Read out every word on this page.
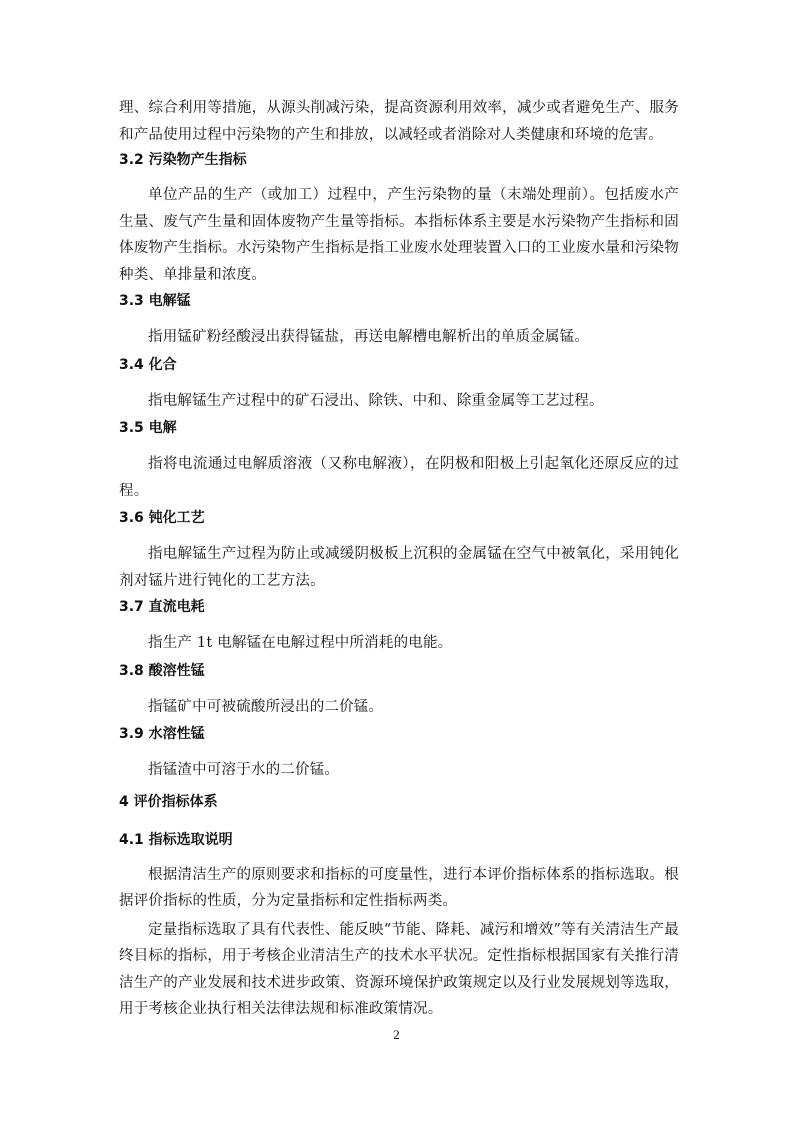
理、综合利用等措施，从源头削减污染，提高资源利用效率，减少或者避免生产、服务和产品使用过程中污染物的产生和排放，以减轻或者消除对人类健康和环境的危害。

3.2 污染物产生指标

单位产品的生产（或加工）过程中，产生污染物的量（末端处理前）。包括废水产生量、废气产生量和固体废物产生量等指标。本指标体系主要是水污染物产生指标和固体废物产生指标。水污染物产生指标是指工业废水处理装置入口的工业废水量和污染物种类、单排量和浓度。

3.3 电解锰

指用锰矿粉经酸浸出获得锰盐，再送电解槽电解析出的单质金属锰。

3.4 化合

指电解锰生产过程中的矿石浸出、除铁、中和、除重金属等工艺过程。

3.5 电解

指将电流通过电解质溶液（又称电解液），在阴极和阳极上引起氧化还原反应的过程。

3.6 钝化工艺

指电解锰生产过程为防止或减缓阴极板上沉积的金属锰在空气中被氧化，采用钝化剂对锰片进行钝化的工艺方法。

3.7 直流电耗

指生产 1t 电解锰在电解过程中所消耗的电能。

3.8 酸溶性锰

指锰矿中可被硫酸所浸出的二价锰。

3.9 水溶性锰

指锰渣中可溶于水的二价锰。

4 评价指标体系

4.1 指标选取说明

根据清洁生产的原则要求和指标的可度量性，进行本评价指标体系的指标选取。根据评价指标的性质，分为定量指标和定性指标两类。

定量指标选取了具有代表性、能反映“节能、降耗、减污和增效”等有关清洁生产最终目标的指标，用于考核企业清洁生产的技术水平状况。定性指标根据国家有关推行清洁生产的产业发展和技术进步政策、资源环境保护政策规定以及行业发展规划等选取，用于考核企业执行相关法律法规和标准政策情况。

2
